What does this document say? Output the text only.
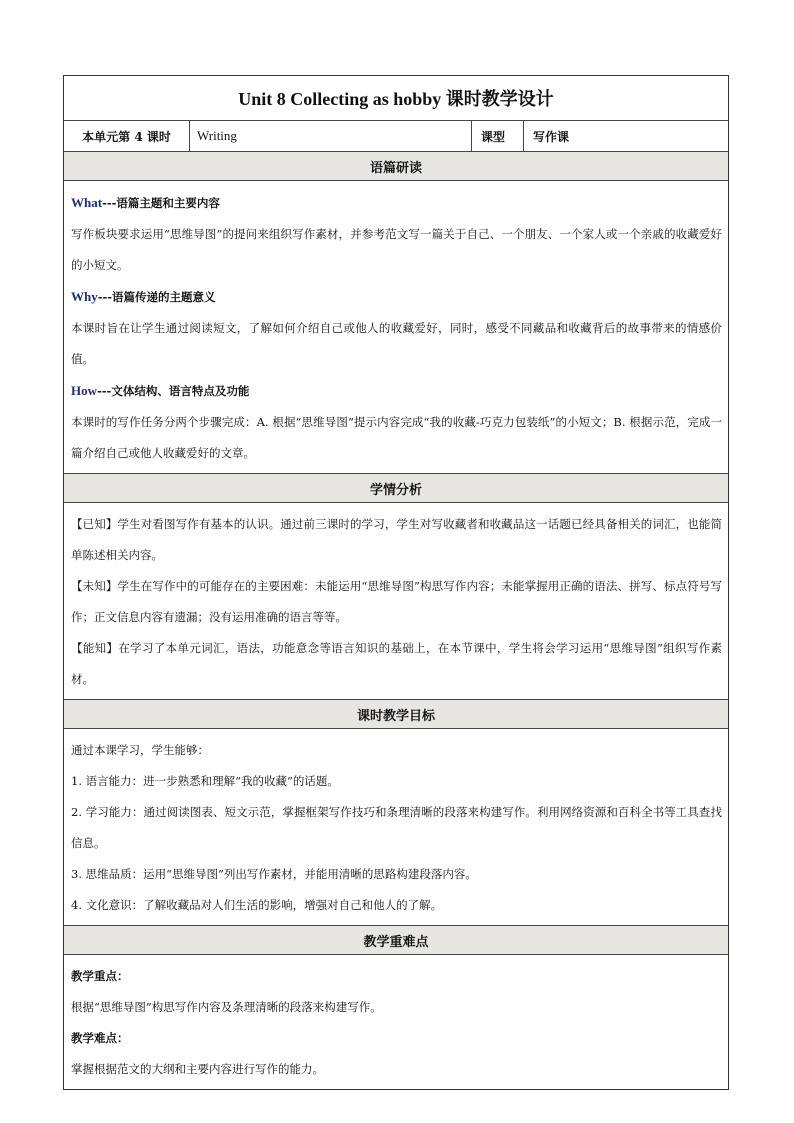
Unit 8 Collecting as hobby 课时教学设计
本单元第 4 课时	Writing	课型	写作课
语篇研读
What---语篇主题和主要内容

写作板块要求运用“思维导图”的提问来组织写作素材，并参考范文写一篇关于自己、一个朋友、一个家人或一个亲戚的收藏爱好的小短文。

Why---语篇传递的主题意义

本课时旨在让学生通过阅读短文，了解如何介绍自己或他人的收藏爱好，同时，感受不同藏品和收藏背后的故事带来的情感价值。

How---文体结构、语言特点及功能

本课时的写作任务分两个步骤完成：A. 根据“思维导图”提示内容完成“我的收藏-巧克力包装纸”的小短文；B. 根据示范，完成一篇介绍自己或他人收藏爱好的文章。

学情分析

【已知】学生对看图写作有基本的认识。通过前三课时的学习，学生对写收藏者和收藏品这一话题已经具备相关的词汇，也能简单陈述相关内容。

【未知】学生在写作中的可能存在的主要困难：未能运用“思维导图”构思写作内容；未能掌握用正确的语法、拼写、标点符号写作；正文信息内容有遗漏；没有运用准确的语言等等。

【能知】在学习了本单元词汇，语法，功能意念等语言知识的基础上，在本节课中，学生将会学习运用“思维导图”组织写作素材。

课时教学目标

通过本课学习，学生能够：

1. 语言能力：进一步熟悉和理解“我的收藏”的话题。

2. 学习能力：通过阅读图表、短文示范，掌握框架写作技巧和条理清晰的段落来构建写作。利用网络资源和百科全书等工具查找信息。

3. 思维品质：运用“思维导图”列出写作素材，并能用清晰的思路构建段落内容。

4. 文化意识：了解收藏品对人们生活的影响，增强对自己和他人的了解。

教学重难点
教学重点：

根据“思维导图”构思写作内容及条理清晰的段落来构建写作。

教学难点：

掌握根据范文的大纲和主要内容进行写作的能力。
